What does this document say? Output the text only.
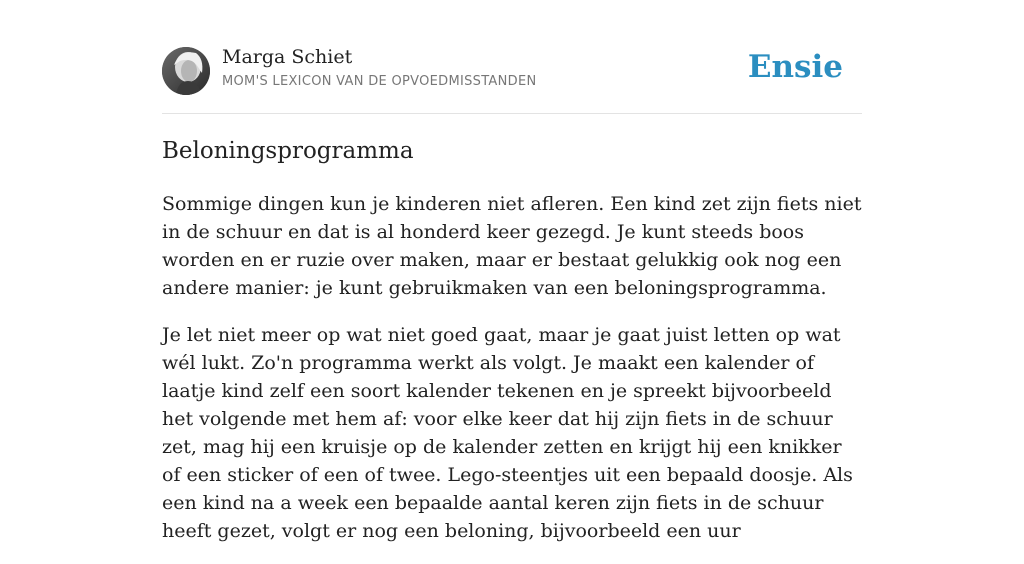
Marga Schiet
MOM'S LEXICON VAN DE OPVOEDMISSTANDEN	Ensie
Beloningsprogramma

Sommige dingen kun je kinderen niet afleren. Een kind zet zijn fiets niet in de schuur en dat is al honderd keer gezegd. Je kunt steeds boos worden en er ruzie over maken, maar er bestaat gelukkig ook nog een andere manier: je kunt gebruikmaken van een beloningsprogramma.

Je let niet meer op wat niet goed gaat, maar je gaat juist letten op wat wél lukt. Zo'n programma werkt als volgt. Je maakt een kalender of laatje kind zelf een soort kalender tekenen en je spreekt bijvoorbeeld het volgende met hem af: voor elke keer dat hij zijn fiets in de schuur zet, mag hij een kruisje op de kalender zetten en krijgt hij een knikker of een sticker of een of twee. Lego-steentjes uit een bepaald doosje. Als een kind na a week een bepaalde aantal keren zijn fiets in de schuur heeft gezet, volgt er nog een beloning, bijvoorbeeld een uur
